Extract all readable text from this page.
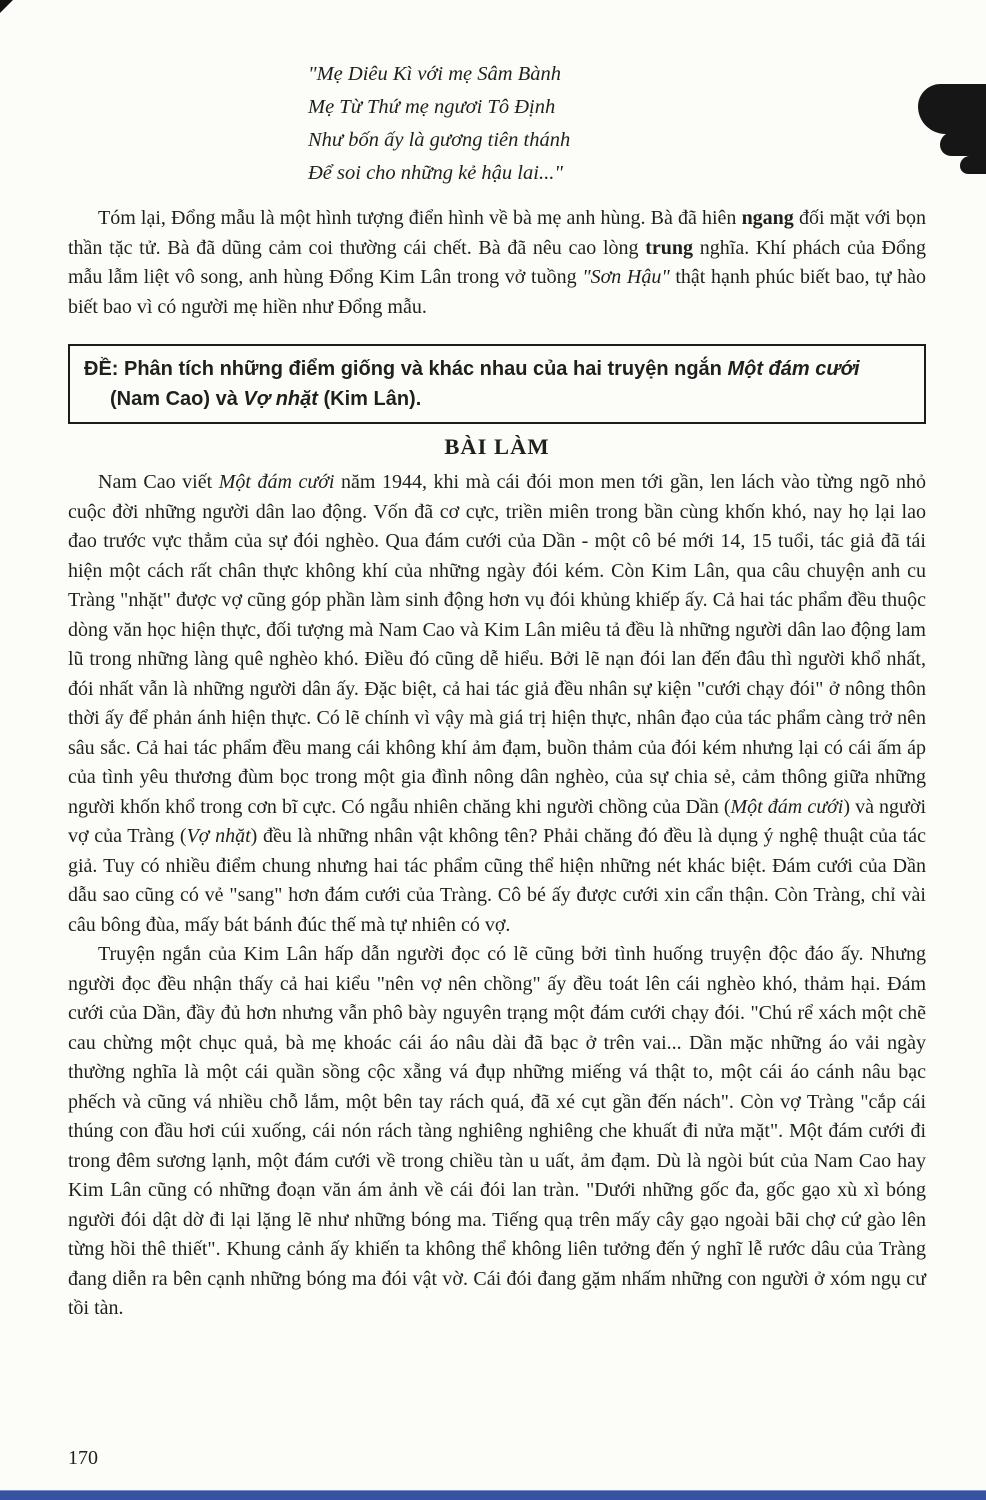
"Mẹ Diêu Kì với mẹ Sâm Bành
Mẹ Từ Thứ mẹ ngươi Tô Định
Như bốn ấy là gương tiên thánh
Để soi cho những kẻ hậu lai..."

Tóm lại, Đổng mẫu là một hình tượng điển hình về bà mẹ anh hùng. Bà đã hiên ngang đối mặt với bọn thần tặc tử. Bà đã dũng cảm coi thường cái chết. Bà đã nêu cao lòng trung nghĩa. Khí phách của Đổng mẫu lẫm liệt vô song, anh hùng Đổng Kim Lân trong vở tuồng "Sơn Hậu" thật hạnh phúc biết bao, tự hào biết bao vì có người mẹ hiền như Đổng mẫu.

ĐỀ: Phân tích những điểm giống và khác nhau của hai truyện ngắn Một đám cưới (Nam Cao) và Vợ nhặt (Kim Lân).
BÀI LÀM

Nam Cao viết Một đám cưới năm 1944, khi mà cái đói mon men tới gần, len lách vào từng ngõ nhỏ cuộc đời những người dân lao động. Vốn đã cơ cực, triền miên trong bần cùng khốn khó, nay họ lại lao đao trước vực thẳm của sự đói nghèo. Qua đám cưới của Dần - một cô bé mới 14, 15 tuổi, tác giả đã tái hiện một cách rất chân thực không khí của những ngày đói kém. Còn Kim Lân, qua câu chuyện anh cu Tràng "nhặt" được vợ cũng góp phần làm sinh động hơn vụ đói khủng khiếp ấy. Cả hai tác phẩm đều thuộc dòng văn học hiện thực, đối tượng mà Nam Cao và Kim Lân miêu tả đều là những người dân lao động lam lũ trong những làng quê nghèo khó. Điều đó cũng dễ hiểu. Bởi lẽ nạn đói lan đến đâu thì người khổ nhất, đói nhất vẫn là những người dân ấy. Đặc biệt, cả hai tác giả đều nhân sự kiện "cưới chạy đói" ở nông thôn thời ấy để phản ánh hiện thực. Có lẽ chính vì vậy mà giá trị hiện thực, nhân đạo của tác phẩm càng trở nên sâu sắc. Cả hai tác phẩm đều mang cái không khí ảm đạm, buồn thảm của đói kém nhưng lại có cái ấm áp của tình yêu thương đùm bọc trong một gia đình nông dân nghèo, của sự chia sẻ, cảm thông giữa những người khốn khổ trong cơn bĩ cực. Có ngẫu nhiên chăng khi người chồng của Dần (Một đám cưới) và người vợ của Tràng (Vợ nhặt) đều là những nhân vật không tên? Phải chăng đó đều là dụng ý nghệ thuật của tác giả. Tuy có nhiều điểm chung nhưng hai tác phẩm cũng thể hiện những nét khác biệt. Đám cưới của Dần dẫu sao cũng có vẻ "sang" hơn đám cưới của Tràng. Cô bé ấy được cưới xin cẩn thận. Còn Tràng, chỉ vài câu bông đùa, mấy bát bánh đúc thế mà tự nhiên có vợ.

Truyện ngắn của Kim Lân hấp dẫn người đọc có lẽ cũng bởi tình huống truyện độc đáo ấy. Nhưng người đọc đều nhận thấy cả hai kiểu "nên vợ nên chồng" ấy đều toát lên cái nghèo khó, thảm hại. Đám cưới của Dần, đầy đủ hơn nhưng vẫn phô bày nguyên trạng một đám cưới chạy đói. "Chú rể xách một chẽ cau chừng một chục quả, bà mẹ khoác cái áo nâu dài đã bạc ở trên vai... Dần mặc những áo vải ngày thường nghĩa là một cái quần sồng cộc xẵng vá đụp những miếng vá thật to, một cái áo cánh nâu bạc phếch và cũng vá nhiều chỗ lắm, một bên tay rách quá, đã xé cụt gần đến nách". Còn vợ Tràng "cắp cái thúng con đầu hơi cúi xuống, cái nón rách tàng nghiêng nghiêng che khuất đi nửa mặt". Một đám cưới đi trong đêm sương lạnh, một đám cưới về trong chiều tàn u uất, ảm đạm. Dù là ngòi bút của Nam Cao hay Kim Lân cũng có những đoạn văn ám ảnh về cái đói lan tràn. "Dưới những gốc đa, gốc gạo xù xì bóng người đói dật dờ đi lại lặng lẽ như những bóng ma. Tiếng quạ trên mấy cây gạo ngoài bãi chợ cứ gào lên từng hồi thê thiết". Khung cảnh ấy khiến ta không thể không liên tưởng đến ý nghĩ lễ rước dâu của Tràng đang diễn ra bên cạnh những bóng ma đói vật vờ. Cái đói đang gặm nhấm những con người ở xóm ngụ cư tồi tàn.

170
